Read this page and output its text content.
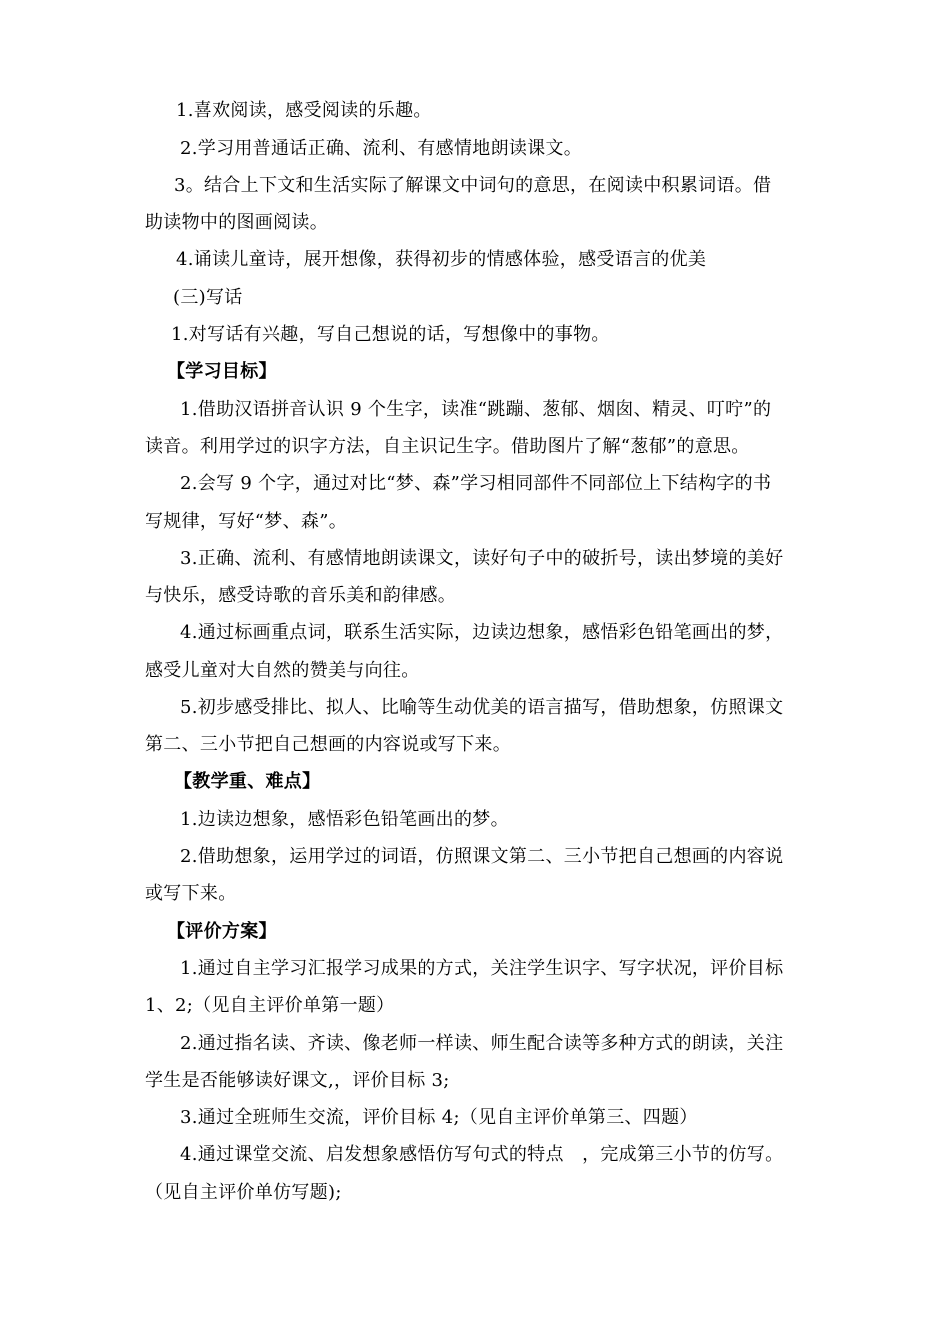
1.喜欢阅读，感受阅读的乐趣。
2.学习用普通话正确、流利、有感情地朗读课文。
3。结合上下文和生活实际了解课文中词句的意思，在阅读中积累词语。借
助读物中的图画阅读。
4.诵读儿童诗，展开想像，获得初步的情感体验，感受语言的优美
(三)写话
1.对写话有兴趣，写自己想说的话，写想像中的事物。
【学习目标】
1.借助汉语拼音认识 9 个生字，读准“跳蹦、葱郁、烟囱、精灵、叮咛”的
读音。利用学过的识字方法，自主识记生字。借助图片了解“葱郁”的意思。
2.会写 9 个字，通过对比“梦、森”学习相同部件不同部位上下结构字的书
写规律，写好“梦、森”。
3.正确、流利、有感情地朗读课文，读好句子中的破折号，读出梦境的美好
与快乐，感受诗歌的音乐美和韵律感。
4.通过标画重点词，联系生活实际，边读边想象，感悟彩色铅笔画出的梦，
感受儿童对大自然的赞美与向往。
5.初步感受排比、拟人、比喻等生动优美的语言描写，借助想象，仿照课文
第二、三小节把自己想画的内容说或写下来。
【教学重、难点】
1.边读边想象，感悟彩色铅笔画出的梦。
2.借助想象，运用学过的词语，仿照课文第二、三小节把自己想画的内容说
或写下来。
【评价方案】
1.通过自主学习汇报学习成果的方式，关注学生识字、写字状况，评价目标
1、2;（见自主评价单第一题）
2.通过指名读、齐读、像老师一样读、师生配合读等多种方式的朗读，关注
学生是否能够读好课文,，评价目标 3;
3.通过全班师生交流，评价目标 4;（见自主评价单第三、四题）
4.通过课堂交流、启发想象感悟仿写句式的特点　，完成第三小节的仿写。
（见自主评价单仿写题);
